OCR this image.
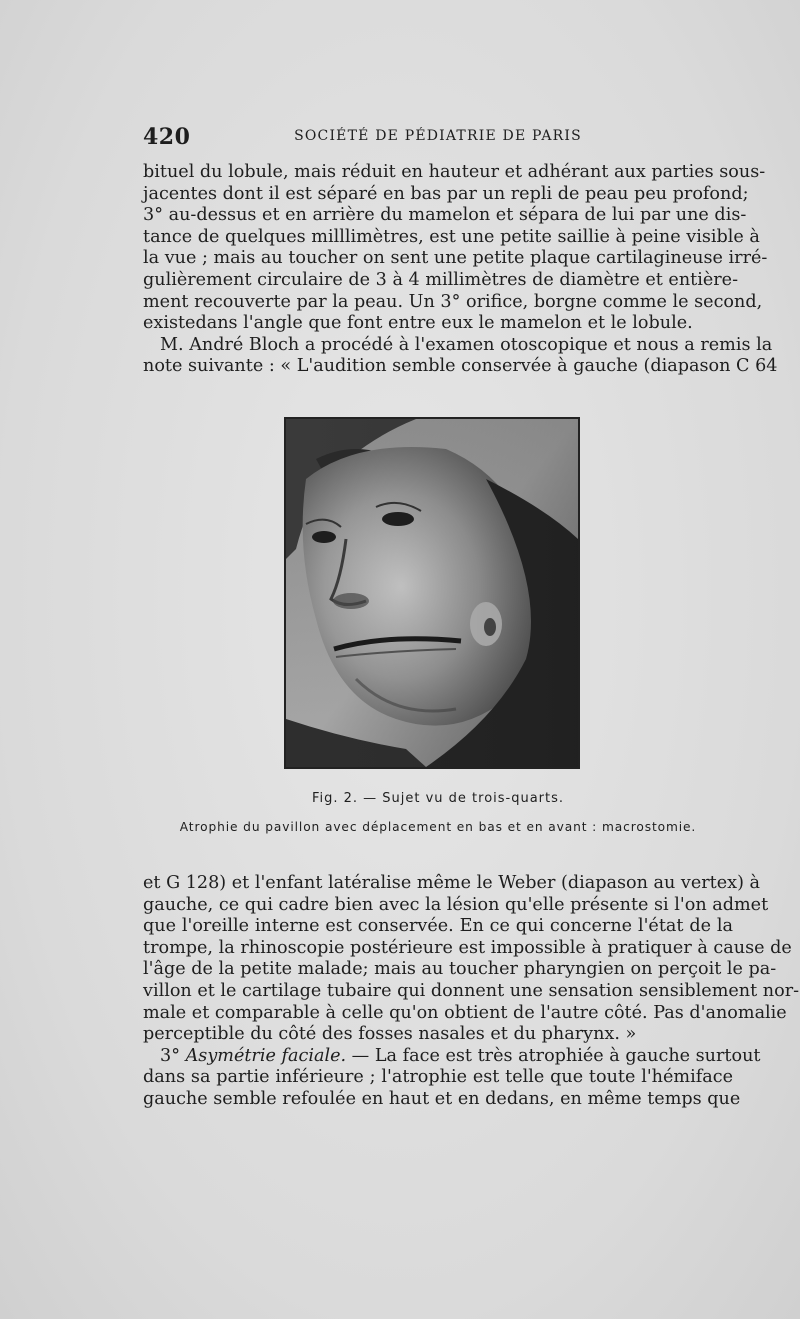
420	SOCIÉTÉ DE PÉDIATRIE DE PARIS
bituel du lobule, mais réduit en hauteur et adhérant aux parties sous-
jacentes dont il est séparé en bas par un repli de peau peu profond;
3° au-dessus et en arrière du mamelon et sépara de lui par une dis-
tance de quelques milllimètres, est une petite saillie à peine visible à
la vue ; mais au toucher on sent une petite plaque cartilagineuse irré-
gulièrement circulaire de 3 à 4 millimètres de diamètre et entière-
ment recouverte par la peau. Un 3° orifice, borgne comme le second,
existedans l'angle que font entre eux le mamelon et le lobule.
M. André Bloch a procédé à l'examen otoscopique et nous a remis la
note suivante : « L'audition semble conservée à gauche (diapason C 64
Fig. 2. — Sujet vu de trois-quarts.
Atrophie du pavillon avec déplacement en bas et en avant : macrostomie.
et G 128) et l'enfant latéralise même le Weber (diapason au vertex) à
gauche, ce qui cadre bien avec la lésion qu'elle présente si l'on admet
que l'oreille interne est conservée. En ce qui concerne l'état de la
trompe, la rhinoscopie postérieure est impossible à pratiquer à cause de
l'âge de la petite malade; mais au toucher pharyngien on perçoit le pa-
villon et le cartilage tubaire qui donnent une sensation sensiblement nor-
male et comparable à celle qu'on obtient de l'autre côté. Pas d'anomalie
perceptible du côté des fosses nasales et du pharynx. »
3° Asymétrie faciale. — La face est très atrophiée à gauche surtout
dans sa partie inférieure ; l'atrophie est telle que toute l'hémiface
gauche semble refoulée en haut et en dedans, en même temps que
